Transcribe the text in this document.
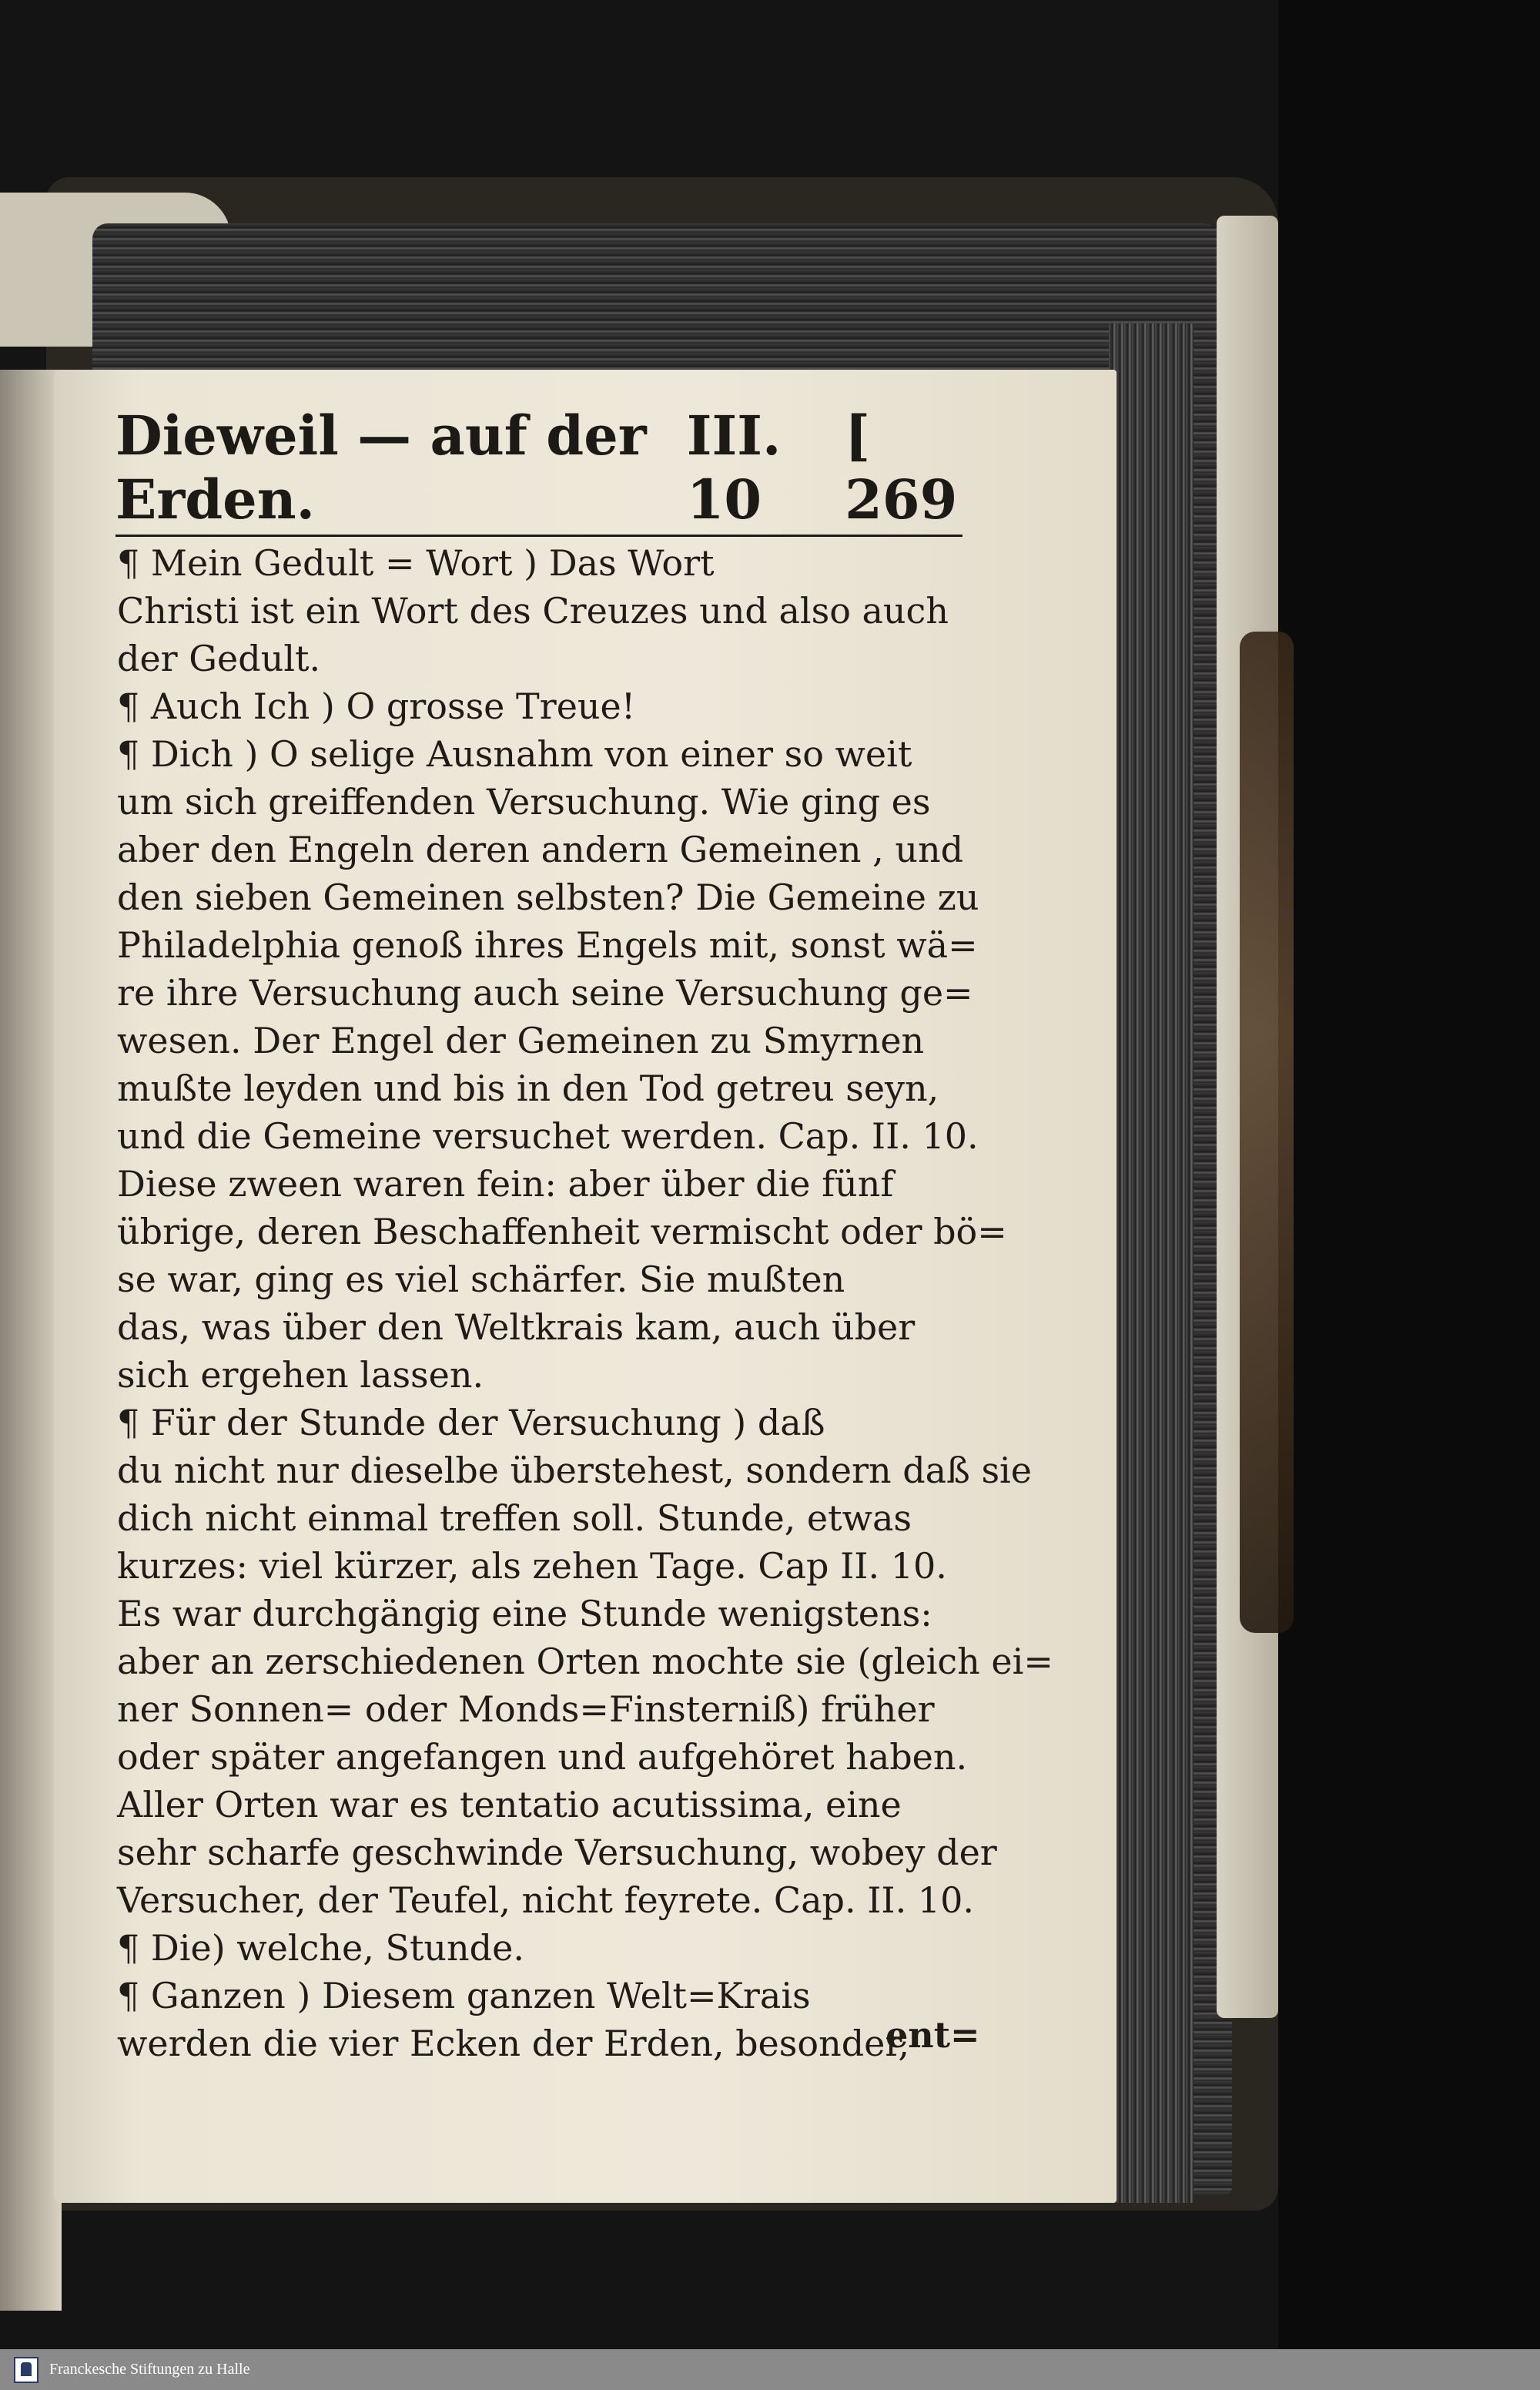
Dieweil — auf der Erden.
III. 10
[ 269
¶ Mein Gedult = Wort ) Das Wort
Christi ist ein Wort des Creuzes und also auch
der Gedult.
¶ Auch Ich ) O grosse Treue!
¶ Dich ) O selige Ausnahm von einer so weit
um sich greiffenden Versuchung. Wie ging es
aber den Engeln deren andern Gemeinen , und
den sieben Gemeinen selbsten? Die Gemeine zu
Philadelphia genoß ihres Engels mit, sonst wä=
re ihre Versuchung auch seine Versuchung ge=
wesen. Der Engel der Gemeinen zu Smyrnen
mußte leyden und bis in den Tod getreu seyn,
und die Gemeine versuchet werden. Cap. II. 10.
Diese zween waren fein: aber über die fünf
übrige, deren Beschaffenheit vermischt oder bö=
se war, ging es viel schärfer. Sie mußten
das, was über den Weltkrais kam, auch über
sich ergehen lassen.
¶ Für der Stunde der Versuchung ) daß
du nicht nur dieselbe überstehest, sondern daß sie
dich nicht einmal treffen soll. Stunde, etwas
kurzes: viel kürzer, als zehen Tage. Cap II. 10.
Es war durchgängig eine Stunde wenigstens:
aber an zerschiedenen Orten mochte sie (gleich ei=
ner Sonnen= oder Monds=Finsterniß) früher
oder später angefangen und aufgehöret haben.
Aller Orten war es tentatio acutissima, eine
sehr scharfe geschwinde Versuchung, wobey der
Versucher, der Teufel, nicht feyrete. Cap. II. 10.
¶ Die) welche, Stunde.
¶ Ganzen ) Diesem ganzen Welt=Krais
werden die vier Ecken der Erden, besonder,
ent=
Franckesche Stiftungen zu Halle
